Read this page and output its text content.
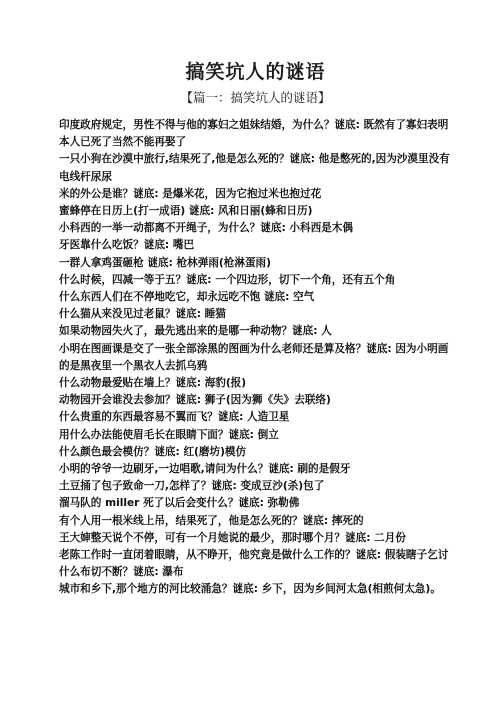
搞笑坑人的谜语
【篇一：搞笑坑人的谜语】

印度政府规定，男性不得与他的寡妇之姐妹结婚，为什么？谜底: 既然有了寡妇表明本人已死了当然不能再娶了

一只小狗在沙漠中旅行,结果死了,他是怎么死的？谜底: 他是憋死的,因为沙漠里没有电线杆尿尿

米的外公是谁？谜底: 是爆米花，因为它抱过米也抱过花

蜜蜂停在日历上(打一成语) 谜底: 风和日丽(蜂和日历)

小科西的一举一动都离不开绳子，为什么？谜底: 小科西是木偶

牙医靠什么吃饭？谜底: 嘴巴

一群人拿鸡蛋砸枪 谜底: 枪林弹雨(枪淋蛋雨)

什么时候，四减一等于五？谜底: 一个四边形，切下一个角，还有五个角

什么东西人们在不停地吃它，却永远吃不饱 谜底: 空气

什么猫从来没见过老鼠？谜底: 睡猫

如果动物园失火了，最先逃出来的是哪一种动物？谜底: 人

小明在图画课是交了一张全部涂黑的图画为什么老师还是算及格？谜底: 因为小明画的是黑夜里一个黑衣人去抓乌鸦

什么动物最爱贴在墙上？谜底: 海豹(报)

动物园开会谁没去参加？谜底: 狮子(因为狮《失》去联络)

什么贵重的东西最容易不翼而飞？谜底: 人造卫星

用什么办法能使眉毛长在眼睛下面？谜底: 倒立

什么颜色最会模仿？谜底: 红(磨坊)模仿

小明的爷爷一边刷牙,一边唱歌,请问为什么？谜底: 刷的是假牙

土豆捅了包子致命一刀,怎样了？谜底: 变成豆沙(杀)包了

溜马队的 miller 死了以后会变什么？谜底: 弥勒佛

有个人用一根米线上吊，结果死了，他是怎么死的？谜底: 摔死的

王大婶整天说个不停，可有一个月她说的最少，那时哪个月？谜底: 二月份

老陈工作时一直闭着眼睛，从不睁开，他究竟是做什么工作的？谜底: 假装瞎子乞讨

什么布切不断？谜底: 瀑布

城市和乡下,那个地方的河比较涌急？谜底: 乡下，因为乡间河太急(相煎何太急)。
